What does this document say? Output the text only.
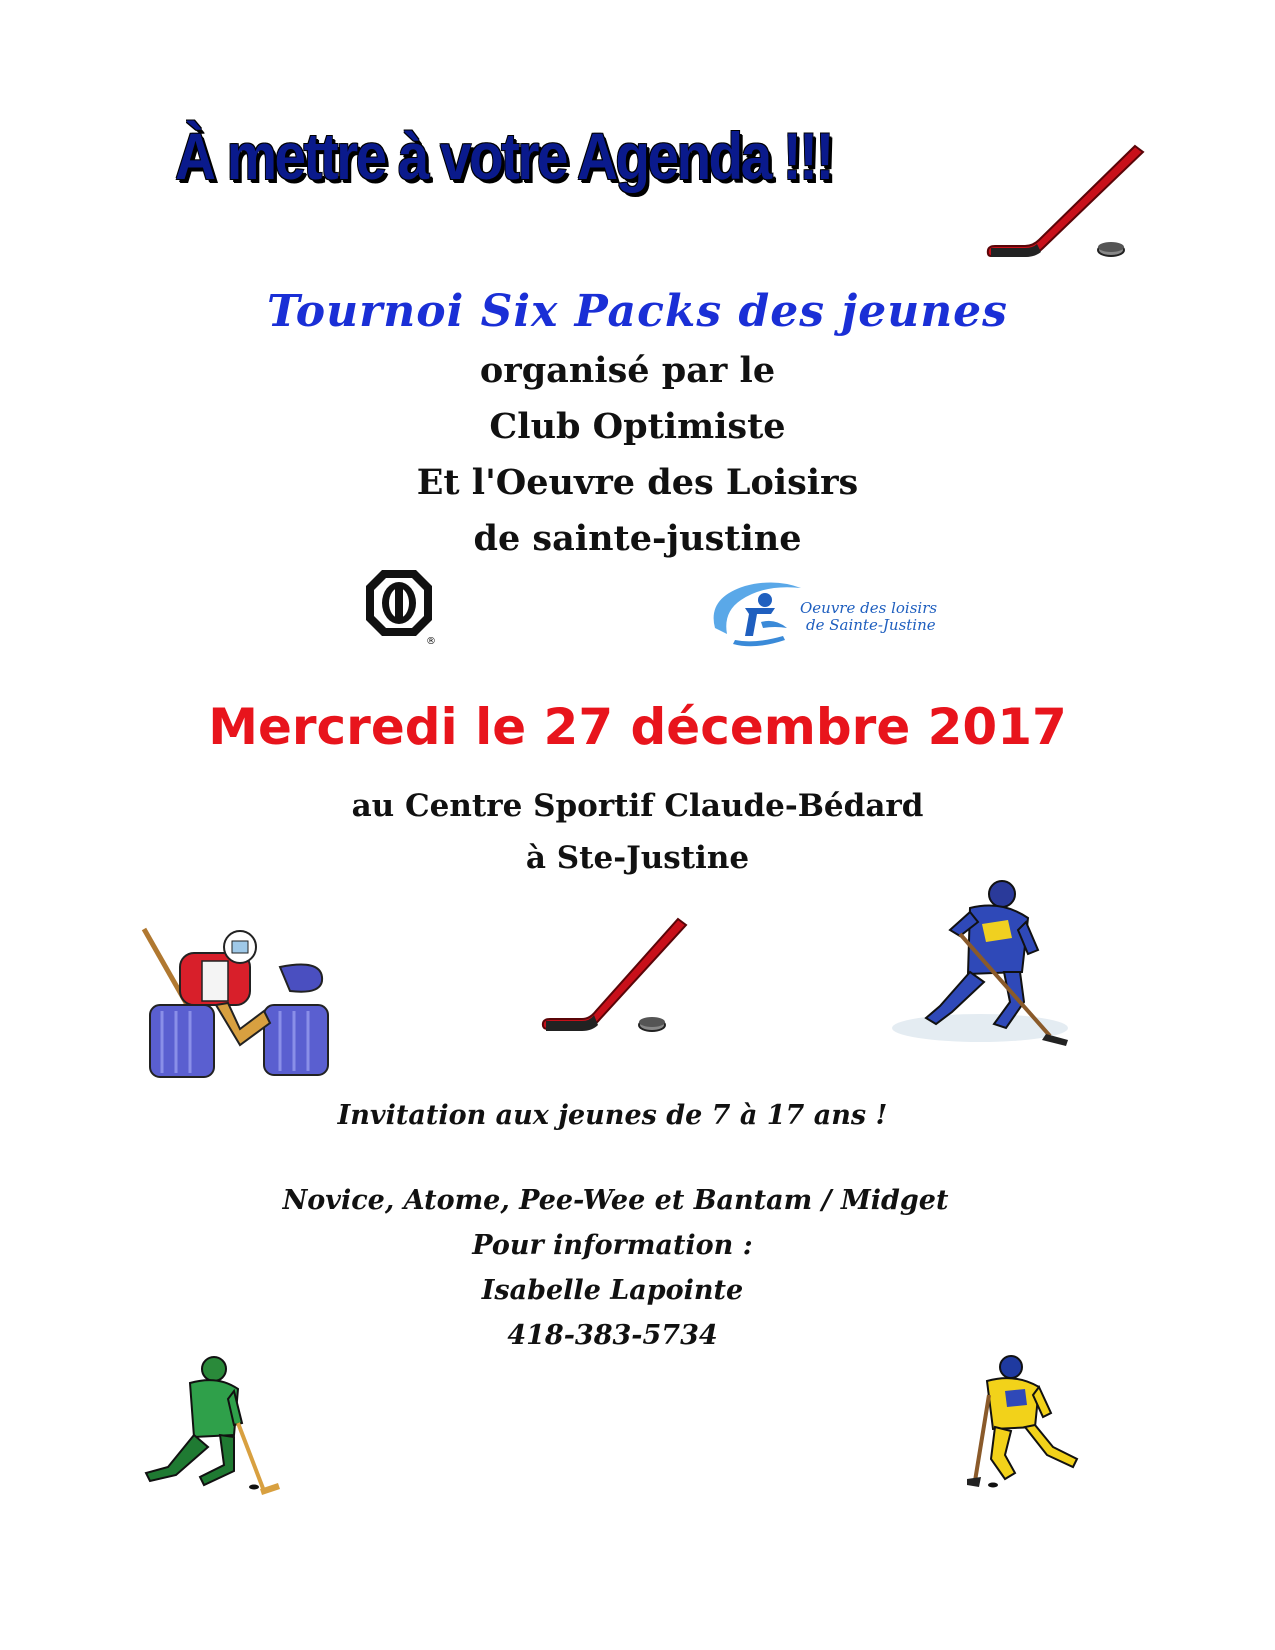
À mettre à votre Agenda !!!
Tournoi Six Packs des jeunes
organisé par le
Club Optimiste
Et l'Oeuvre des Loisirs
de sainte-justine
®
Oeuvre des loisirs
de Sainte-Justine
Mercredi le 27 décembre 2017
au Centre Sportif Claude-Bédard
à Ste-Justine
Invitation aux jeunes de 7 à 17 ans !
Novice, Atome, Pee-Wee et Bantam / Midget
Pour information :
Isabelle Lapointe
418-383-5734
